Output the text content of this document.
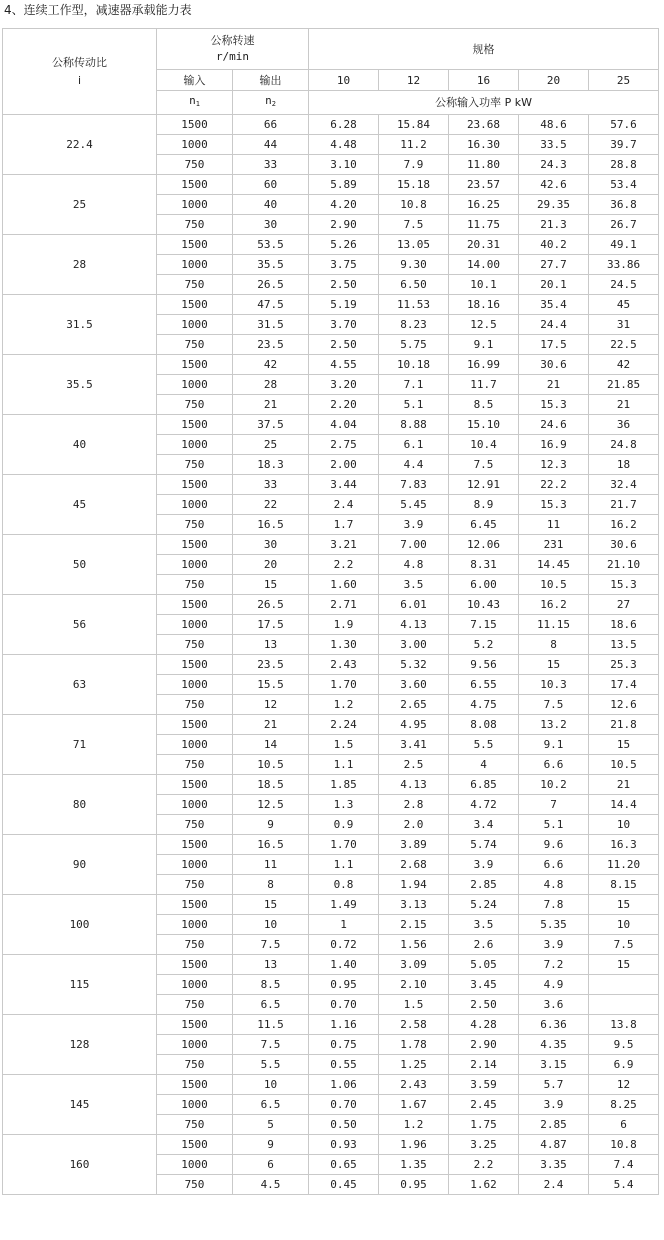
4、连续工作型，减速器承载能力表
公称传动比
i	公称转速
r/min		规格				
	输入	输出	10	12	16	20	25
	$n_1$	$n_2$	公称输入功率 P kW				
22.4	1500	66	6.28	15.84	23.68	48.6	57.6
	1000	44	4.48	11.2	16.30	33.5	39.7
	750	33	3.10	7.9	11.80	24.3	28.8
25	1500	60	5.89	15.18	23.57	42.6	53.4
	1000	40	4.20	10.8	16.25	29.35	36.8
	750	30	2.90	7.5	11.75	21.3	26.7
28	1500	53.5	5.26	13.05	20.31	40.2	49.1
	1000	35.5	3.75	9.30	14.00	27.7	33.86
	750	26.5	2.50	6.50	10.1	20.1	24.5
31.5	1500	47.5	5.19	11.53	18.16	35.4	45
	1000	31.5	3.70	8.23	12.5	24.4	31
	750	23.5	2.50	5.75	9.1	17.5	22.5
35.5	1500	42	4.55	10.18	16.99	30.6	42
	1000	28	3.20	7.1	11.7	21	21.85
	750	21	2.20	5.1	8.5	15.3	21
40	1500	37.5	4.04	8.88	15.10	24.6	36
	1000	25	2.75	6.1	10.4	16.9	24.8
	750	18.3	2.00	4.4	7.5	12.3	18
45	1500	33	3.44	7.83	12.91	22.2	32.4
	1000	22	2.4	5.45	8.9	15.3	21.7
	750	16.5	1.7	3.9	6.45	11	16.2
50	1500	30	3.21	7.00	12.06	231	30.6
	1000	20	2.2	4.8	8.31	14.45	21.10
	750	15	1.60	3.5	6.00	10.5	15.3
56	1500	26.5	2.71	6.01	10.43	16.2	27
	1000	17.5	1.9	4.13	7.15	11.15	18.6
	750	13	1.30	3.00	5.2	8	13.5
63	1500	23.5	2.43	5.32	9.56	15	25.3
	1000	15.5	1.70	3.60	6.55	10.3	17.4
	750	12	1.2	2.65	4.75	7.5	12.6
71	1500	21	2.24	4.95	8.08	13.2	21.8
	1000	14	1.5	3.41	5.5	9.1	15
	750	10.5	1.1	2.5	4	6.6	10.5
80	1500	18.5	1.85	4.13	6.85	10.2	21
	1000	12.5	1.3	2.8	4.72	7	14.4
	750	9	0.9	2.0	3.4	5.1	10
90	1500	16.5	1.70	3.89	5.74	9.6	16.3
	1000	11	1.1	2.68	3.9	6.6	11.20
	750	8	0.8	1.94	2.85	4.8	8.15
100	1500	15	1.49	3.13	5.24	7.8	15
	1000	10	1	2.15	3.5	5.35	10
	750	7.5	0.72	1.56	2.6	3.9	7.5
115	1500	13	1.40	3.09	5.05	7.2	15
	1000	8.5	0.95	2.10	3.45	4.9	
	750	6.5	0.70	1.5	2.50	3.6	
128	1500	11.5	1.16	2.58	4.28	6.36	13.8
	1000	7.5	0.75	1.78	2.90	4.35	9.5
	750	5.5	0.55	1.25	2.14	3.15	6.9
145	1500	10	1.06	2.43	3.59	5.7	12
	1000	6.5	0.70	1.67	2.45	3.9	8.25
	750	5	0.50	1.2	1.75	2.85	6
160	1500	9	0.93	1.96	3.25	4.87	10.8
	1000	6	0.65	1.35	2.2	3.35	7.4
	750	4.5	0.45	0.95	1.62	2.4	5.4
